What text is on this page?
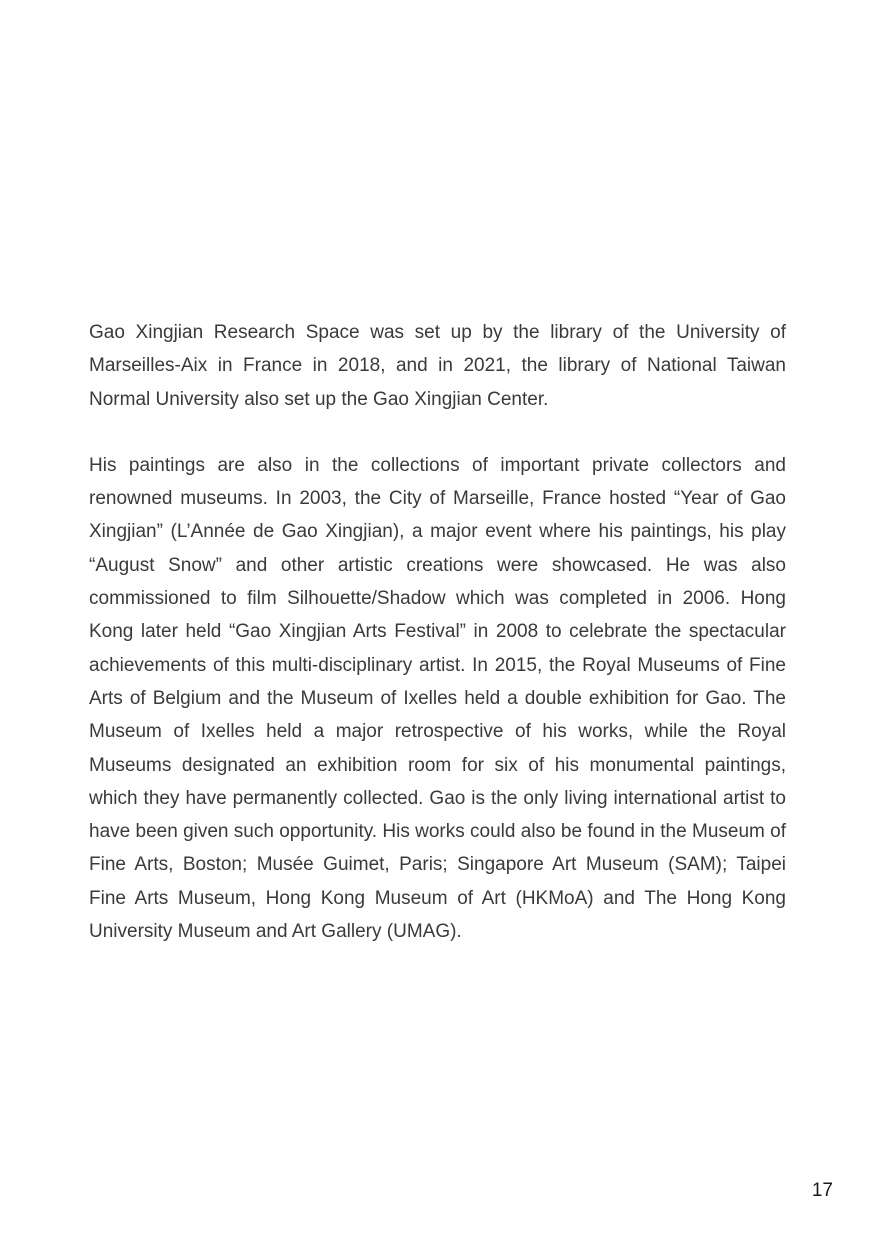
Gao Xingjian Research Space was set up by the library of the University of Marseilles-Aix in France in 2018, and in 2021, the library of National Taiwan Normal University also set up the Gao Xingjian Center.

His paintings are also in the collections of important private collectors and renowned museums. In 2003, the City of Marseille, France hosted “Year of Gao Xingjian” (L’Année de Gao Xingjian), a major event where his paintings, his play “August Snow” and other artistic creations were showcased. He was also commissioned to film Silhouette/Shadow which was completed in 2006. Hong Kong later held “Gao Xingjian Arts Festival” in 2008 to celebrate the spectacular achievements of this multi-disciplinary artist. In 2015, the Royal Museums of Fine Arts of Belgium and the Museum of Ixelles held a double exhibition for Gao. The Museum of Ixelles held a major retrospective of his works, while the Royal Museums designated an exhibition room for six of his monumental paintings, which they have permanently collected. Gao is the only living international artist to have been given such opportunity. His works could also be found in the Museum of Fine Arts, Boston; Musée Guimet, Paris; Singapore Art Museum (SAM); Taipei Fine Arts Museum, Hong Kong Museum of Art (HKMoA) and The Hong Kong University Museum and Art Gallery (UMAG).

17
